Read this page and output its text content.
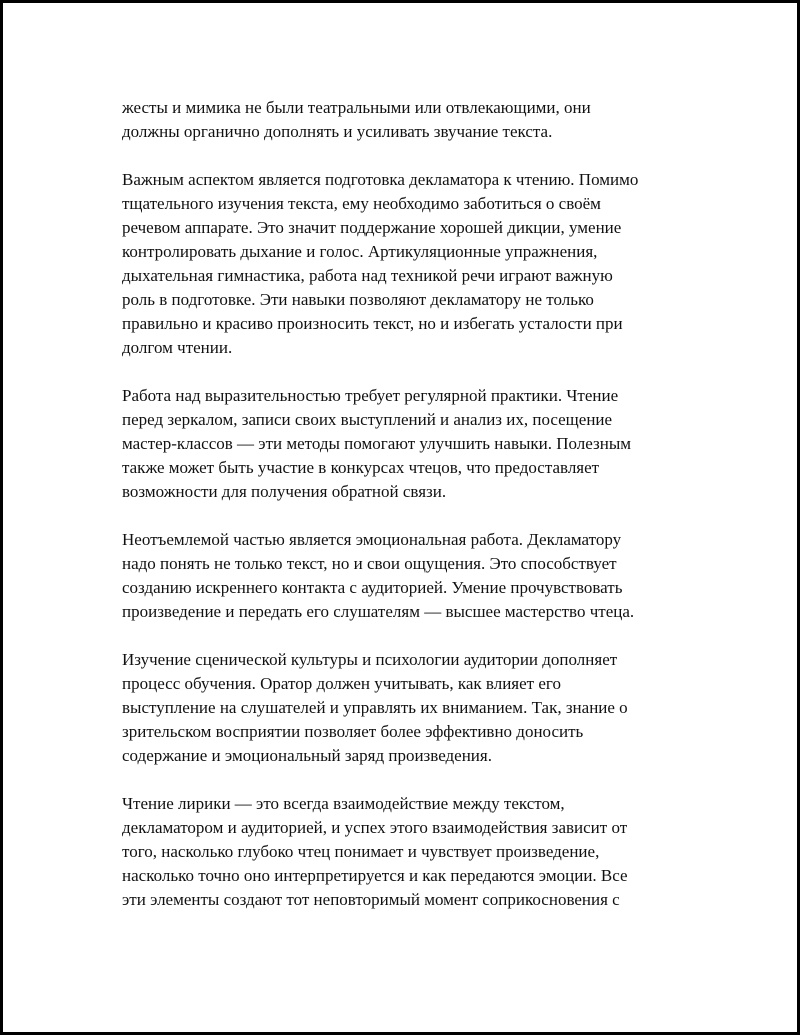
жесты и мимика не были театральными или отвлекающими, они
должны органично дополнять и усиливать звучание текста.

Важным аспектом является подготовка декламатора к чтению. Помимо
тщательного изучения текста, ему необходимо заботиться о своём
речевом аппарате. Это значит поддержание хорошей дикции, умение
контролировать дыхание и голос. Артикуляционные упражнения,
дыхательная гимнастика, работа над техникой речи играют важную
роль в подготовке. Эти навыки позволяют декламатору не только
правильно и красиво произносить текст, но и избегать усталости при
долгом чтении.

Работа над выразительностью требует регулярной практики. Чтение
перед зеркалом, записи своих выступлений и анализ их, посещение
мастер-классов — эти методы помогают улучшить навыки. Полезным
также может быть участие в конкурсах чтецов, что предоставляет
возможности для получения обратной связи.

Неотъемлемой частью является эмоциональная работа. Декламатору
надо понять не только текст, но и свои ощущения. Это способствует
созданию искреннего контакта с аудиторией. Умение прочувствовать
произведение и передать его слушателям — высшее мастерство чтеца.

Изучение сценической культуры и психологии аудитории дополняет
процесс обучения. Оратор должен учитывать, как влияет его
выступление на слушателей и управлять их вниманием. Так, знание о
зрительском восприятии позволяет более эффективно доносить
содержание и эмоциональный заряд произведения.

Чтение лирики — это всегда взаимодействие между текстом,
декламатором и аудиторией, и успех этого взаимодействия зависит от
того, насколько глубоко чтец понимает и чувствует произведение,
насколько точно оно интерпретируется и как передаются эмоции. Все
эти элементы создают тот неповторимый момент соприкосновения с
